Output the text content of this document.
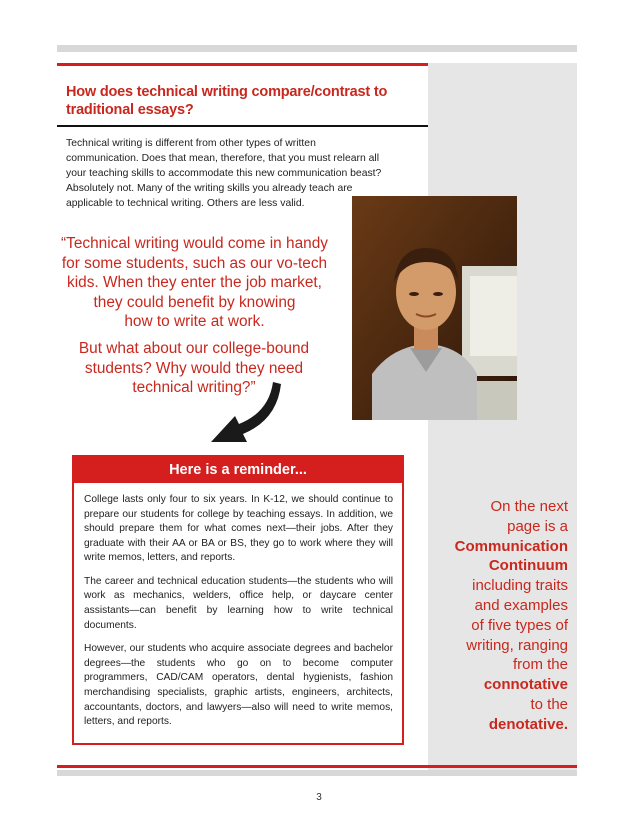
How does technical writing compare/contrast to
traditional essays?

Technical writing is different from other types of written
communication. Does that mean, therefore, that you must relearn all
your teaching skills to accommodate this new communication beast?
Absolutely not. Many of the writing skills you already teach are
applicable to technical writing. Others are less valid.

“Technical writing would come in handy
for some students, such as our vo-tech
kids. When they enter the job market,
they could benefit by knowing
how to write at work.

But what about our college-bound
students? Why would they need
technical writing?”

Here is a reminder...

College lasts only four to six years. In K-12, we should continue to prepare our students for college by teaching essays. In addition, we should prepare them for what comes next—their jobs. After they graduate with their AA or BA or BS, they go to work where they will write memos, letters, and reports.

The career and technical education students—the students who will work as mechanics, welders, office help, or daycare center assistants—can benefit by learning how to write technical documents.

However, our students who acquire associate degrees and bachelor degrees—the students who go on to become computer programmers, CAD/CAM operators, dental hygienists, fashion merchandising specialists, graphic artists, engineers, architects, accountants, doctors, and lawyers—also will need to write memos, letters, and reports.

On the next
page is a
Communication
Continuum
including traits
and examples
of five types of
writing, ranging
from the
connotative
to the
denotative.

3
